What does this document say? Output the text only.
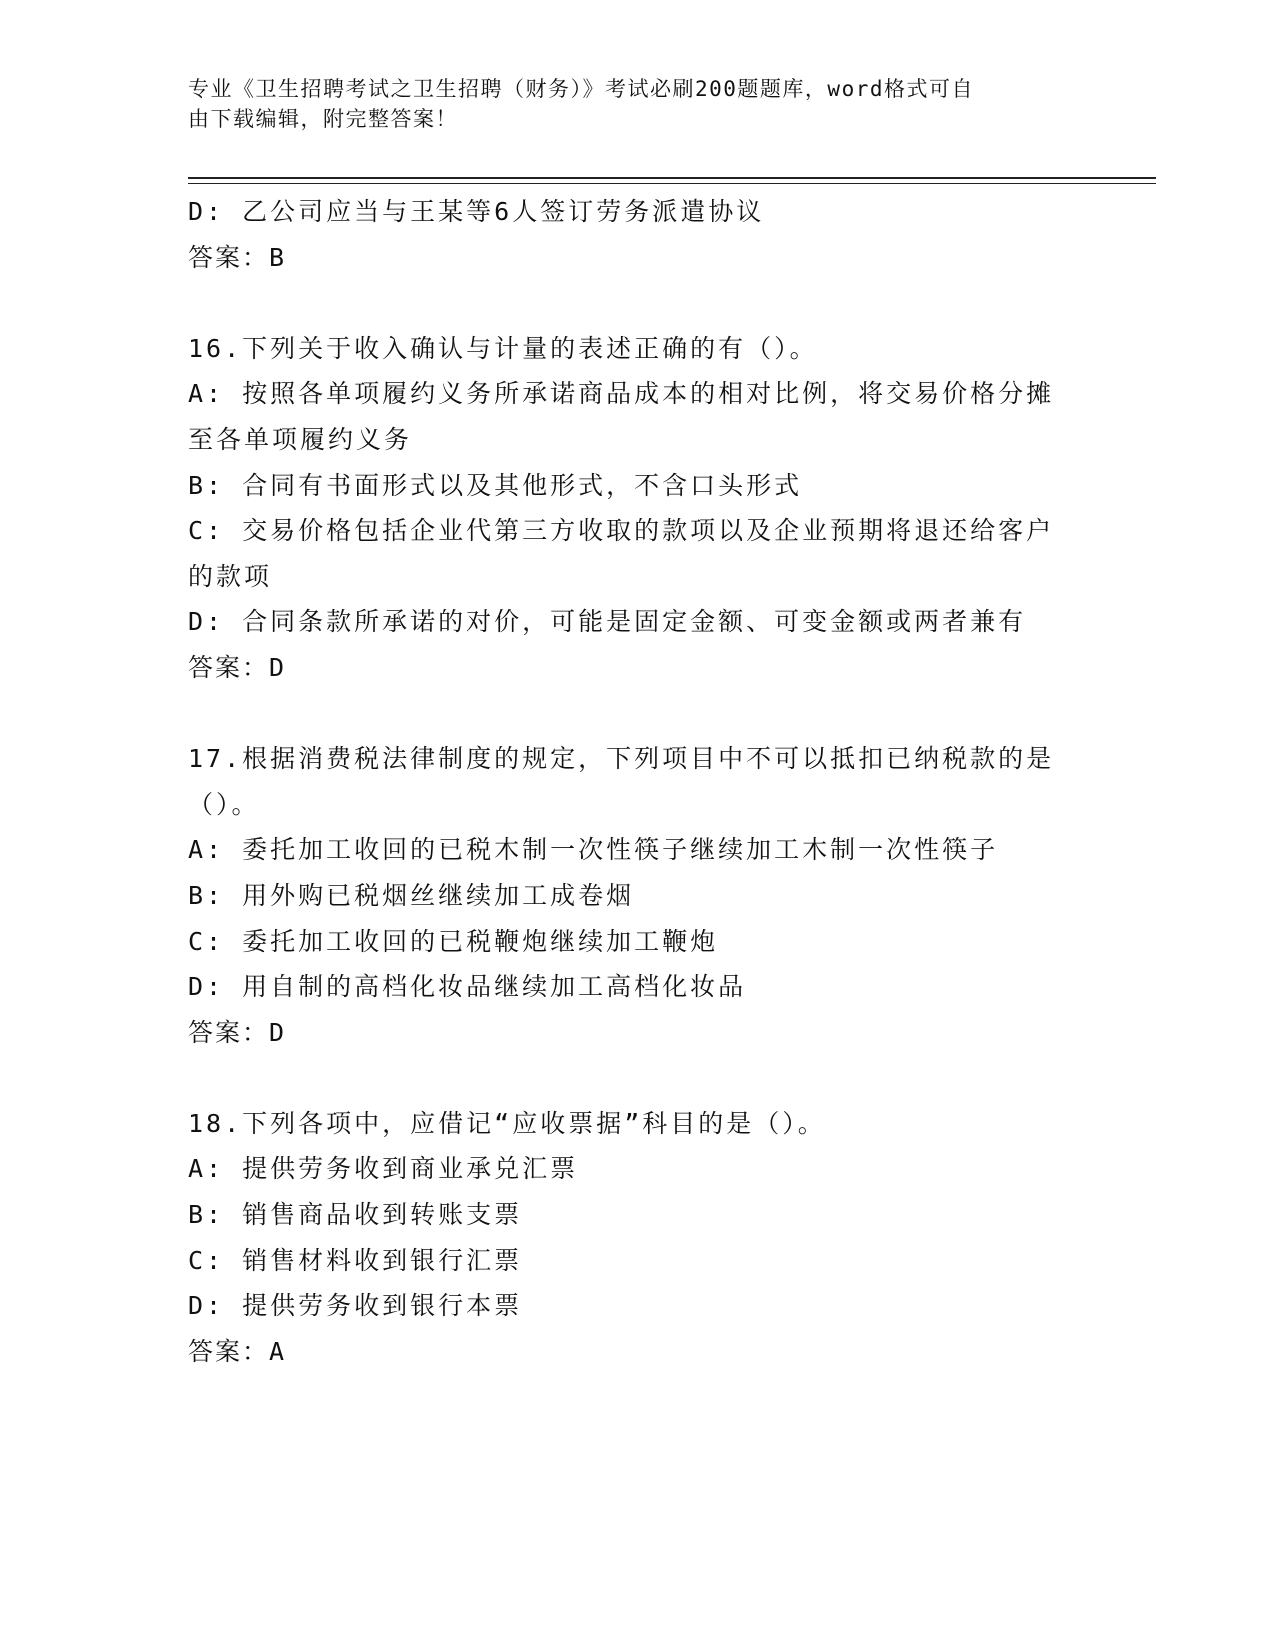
专业《卫生招聘考试之卫生招聘（财务）》考试必刷200题题库，word格式可自
由下载编辑，附完整答案！

D: 乙公司应当与王某等6人签订劳务派遣协议

答案：B

16.下列关于收入确认与计量的表述正确的有（）。

A: 按照各单项履约义务所承诺商品成本的相对比例，将交易价格分摊

至各单项履约义务

B: 合同有书面形式以及其他形式，不含口头形式

C: 交易价格包括企业代第三方收取的款项以及企业预期将退还给客户

的款项

D: 合同条款所承诺的对价，可能是固定金额、可变金额或两者兼有

答案：D

17.根据消费税法律制度的规定，下列项目中不可以抵扣已纳税款的是

（）。

A: 委托加工收回的已税木制一次性筷子继续加工木制一次性筷子

B: 用外购已税烟丝继续加工成卷烟

C: 委托加工收回的已税鞭炮继续加工鞭炮

D: 用自制的高档化妆品继续加工高档化妆品

答案：D

18.下列各项中，应借记“应收票据”科目的是（）。

A: 提供劳务收到商业承兑汇票

B: 销售商品收到转账支票

C: 销售材料收到银行汇票

D: 提供劳务收到银行本票

答案：A
